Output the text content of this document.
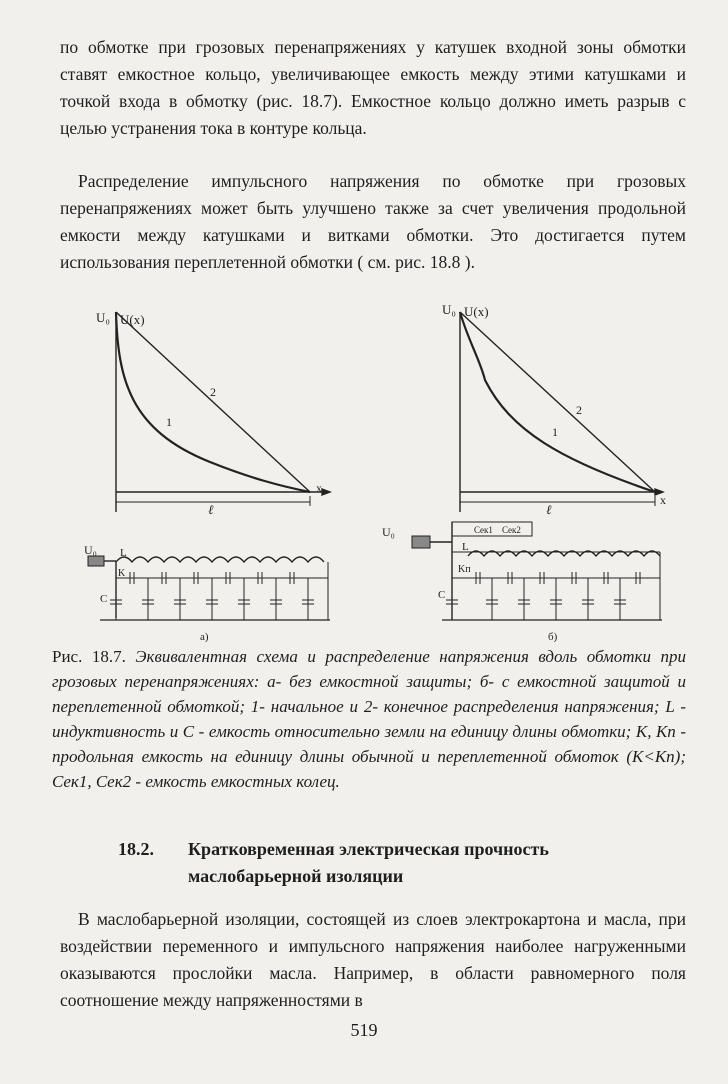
по обмотке при грозовых перенапряжениях у катушек входной зоны обмотки ставят емкостное кольцо, увеличивающее емкость между этими катушками и точкой входа в обмотку (рис. 18.7). Емкостное кольцо должно иметь разрыв с целью устранения тока в контуре кольца.

Распределение импульсного напряжения по обмотке при грозовых перенапряжениях может быть улучшено также за счет увеличения продольной емкости между катушками и витками обмотки. Это достигается путем использования переплетенной обмотки ( см. рис. 18.8 ).

U₀ U(x)
x
ℓ
1
2
U₀ U(x)
x
ℓ
1
2
U₀ L
K
C
а)
U₀
L
Kп
C
Cек1 Cек2
б)

Рис. 18.7. Эквивалентная схема и распределение напряжения вдоль обмотки при грозовых перенапряжениях: а- без емкостной защиты; б- с емкостной защитой и переплетенной обмоткой; 1- начальное и 2- конечное распределения напряжения; L - индуктивность и C - емкость относительно земли на единицу длины обмотки; K, Kп - продольная емкость на единицу длины обычной и переплетенной обмоток (K<Kп); Cек1, Cек2 - емкость емкостных колец.

18.2. Кратковременная электрическая прочность маслобарьерной изоляции

В маслобарьерной изоляции, состоящей из слоев электрокартона и масла, при воздействии переменного и импульсного напряжения наиболее нагруженными оказываются прослойки масла. Например, в области равномерного поля соотношение между напряженностями в

519
